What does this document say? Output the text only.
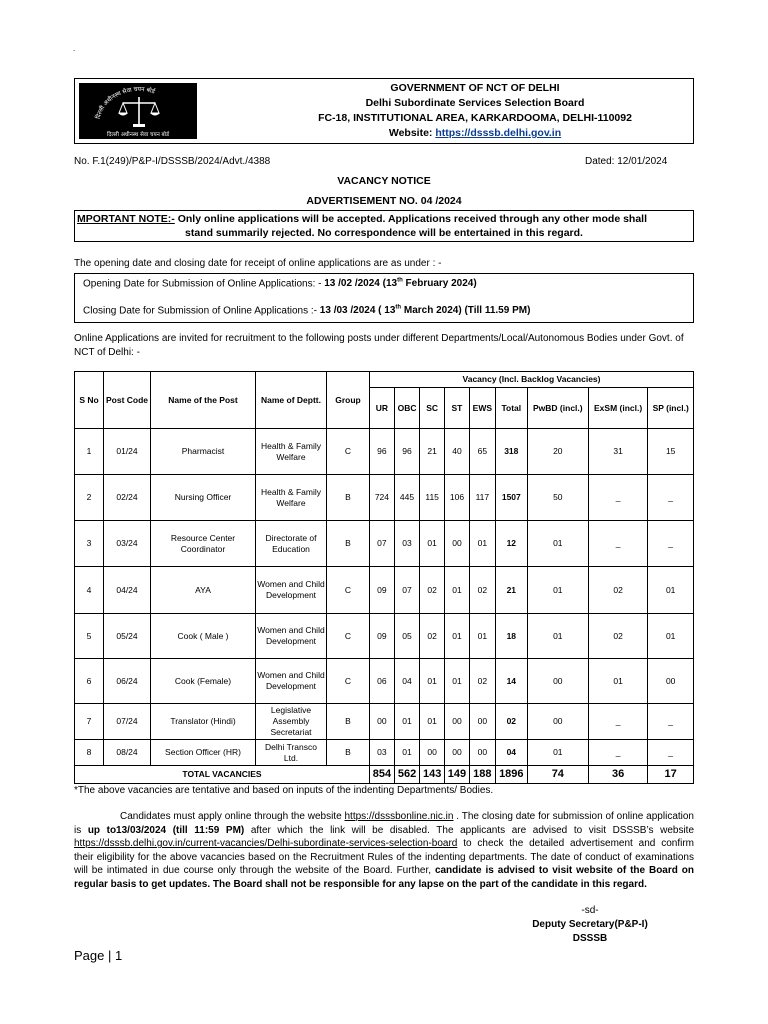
.
दिल्ली अधीनस्थ सेवा चयन बोर्ड
दिल्ली अधीनस्थ सेवा चयन बोर्ड
GOVERNMENT OF NCT OF DELHI
Delhi Subordinate Services Selection Board
FC-18, INSTITUTIONAL AREA, KARKARDOOMA, DELHI-110092
Website: https://dsssb.delhi.gov.in
No. F.1(249)/P&P-I/DSSSB/2024/Advt./4388	Dated: 12/01/2024
VACANCY NOTICE
ADVERTISEMENT NO. 04 /2024
MPORTANT NOTE:- Only online applications will be accepted. Applications received through any other mode shall
stand summarily rejected. No correspondence will be entertained in this regard.
The opening date and closing date for receipt of online applications are as under : -
Opening Date for Submission of Online Applications: - 13 /02 /2024 (13th February 2024)
Closing Date for Submission of Online Applications :- 13 /03 /2024 ( 13th March 2024) (Till 11.59 PM)
Online Applications are invited for recruitment to the following posts under different Departments/Local/Autonomous Bodies under Govt. of NCT of Delhi: -
S No	Post Code	Name of the Post	Name of Deptt.	Group	Vacancy (Incl. Backlog Vacancies)								
					UR	OBC	SC	ST	EWS	Total	PwBD (incl.)	ExSM (incl.)	SP (incl.)
1	01/24	Pharmacist	Health & Family Welfare	C	96	96	21	40	65	318	20	31	15
2	02/24	Nursing Officer	Health & Family Welfare	B	724	445	115	106	117	1507	50	_	_
3	03/24	Resource Center Coordinator	Directorate of Education	B	07	03	01	00	01	12	01	_	_
4	04/24	AYA	Women and Child Development	C	09	07	02	01	02	21	01	02	01
5	05/24	Cook ( Male )	Women and Child Development	C	09	05	02	01	01	18	01	02	01
6	06/24	Cook (Female)	Women and Child Development	C	06	04	01	01	02	14	00	01	00
7	07/24	Translator (Hindi)	Legislative Assembly Secretariat	B	00	01	01	00	00	02	00	_	_
8	08/24	Section Officer (HR)	Delhi Transco Ltd.	B	03	01	00	00	00	04	01	_	_
TOTAL VACANCIES					854	562	143	149	188	1896	74	36	17
*The above vacancies are tentative and based on inputs of the indenting Departments/ Bodies.
Candidates must apply online through the website https://dsssbonline.nic.in . The closing date for submission of online application is up to13/03/2024 (till 11:59 PM) after which the link will be disabled. The applicants are advised to visit DSSSB’s website https://dsssb.delhi.gov.in/current-vacancies/Delhi-subordinate-services-selection-board to check the detailed advertisement and confirm their eligibility for the above vacancies based on the Recruitment Rules of the indenting departments. The date of conduct of examinations will be intimated in due course only through the website of the Board. Further, candidate is advised to visit website of the Board on regular basis to get updates. The Board shall not be responsible for any lapse on the part of the candidate in this regard.
-sd-
Deputy Secretary(P&P-I)
DSSSB
Page | 1
